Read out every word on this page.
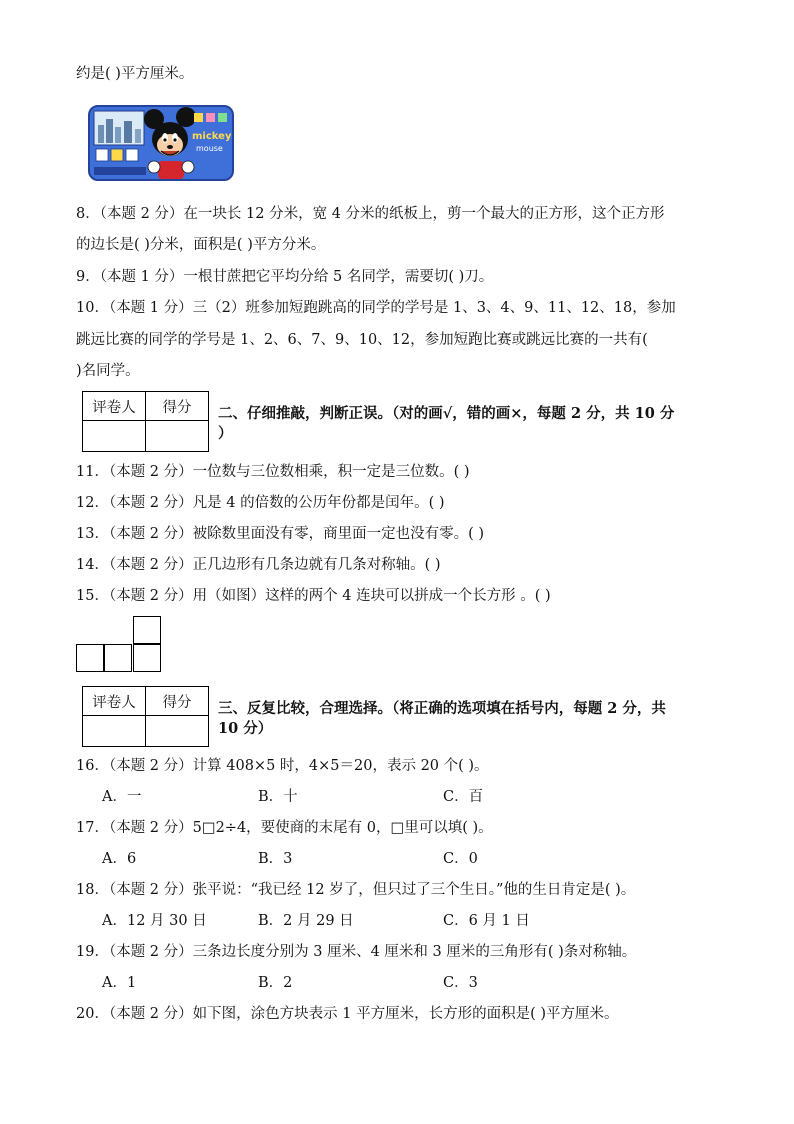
约是( )平方厘米。
mickey
mouse
8．（本题 2 分）在一块长 12 分米，宽 4 分米的纸板上，剪一个最大的正方形，这个正方形
的边长是( )分米，面积是( )平方分米。
9．（本题 1 分）一根甘蔗把它平均分给 5 名同学，需要切( )刀。
10．（本题 1 分）三（2）班参加短跑跳高的同学的学号是 1、3、4、9、11、12、18，参加
跳远比赛的同学的学号是 1、2、6、7、9、10、12，参加短跑比赛或跳远比赛的一共有(
)名同学。
评卷人	得分
	二、仔细推敲，判断正误。（对的画√，错的画×，每题 2 分，共 10 分
）
11．（本题 2 分）一位数与三位数相乘，积一定是三位数。( )
12．（本题 2 分）凡是 4 的倍数的公历年份都是闰年。( )
13．（本题 2 分）被除数里面没有零，商里面一定也没有零。( )
14．（本题 2 分）正几边形有几条边就有几条对称轴。( )
15．（本题 2 分）用（如图）这样的两个 4 连块可以拼成一个长方形 。( )
评卷人	得分
	三、反复比较，合理选择。（将正确的选项填在括号内，每题 2 分，共
10 分）
16．（本题 2 分）计算 408×5 时，4×5＝20，表示 20 个( )。
A．一	B．十	C．百
17．（本题 2 分）5□2÷4，要使商的末尾有 0，□里可以填( )。
A．6	B．3	C．0
18．（本题 2 分）张平说：“我已经 12 岁了，但只过了三个生日。”他的生日肯定是( )。
A．12 月 30 日	B．2 月 29 日	C．6 月 1 日
19．（本题 2 分）三条边长度分别为 3 厘米、4 厘米和 3 厘米的三角形有( )条对称轴。
A．1	B．2	C．3
20．（本题 2 分）如下图，涂色方块表示 1 平方厘米，长方形的面积是( )平方厘米。
